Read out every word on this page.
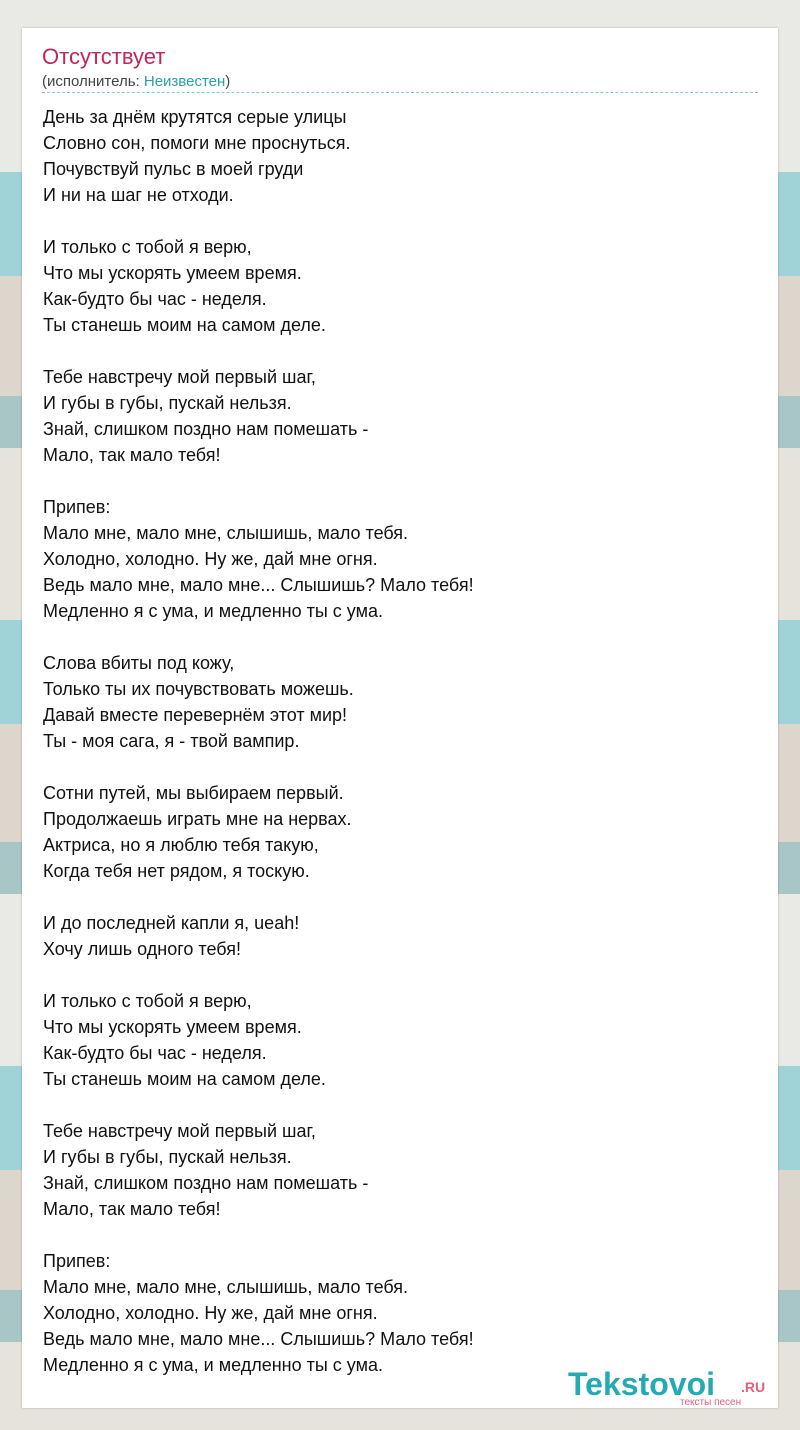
Отсутствует
(исполнитель: Неизвестен)
День за днём крутятся серые улицы
Словно сон, помоги мне проснуться.
Почувствуй пульс в моей груди
И ни на шаг не отходи.
И только с тобой я верю,
Что мы ускорять умеем время.
Как-будто бы час - неделя.
Ты станешь моим на самом деле.
Тебе навстречу мой первый шаг,
И губы в губы, пускай нельзя.
Знай, слишком поздно нам помешать -
Мало, так мало тебя!
Припев:
Мало мне, мало мне, слышишь, мало тебя.
Холодно, холодно. Ну же, дай мне огня.
Ведь мало мне, мало мне... Слышишь? Мало тебя!
Медленно я с ума, и медленно ты с ума.
Слова вбиты под кожу,
Только ты их почувствовать можешь.
Давай вместе перевернём этот мир!
Ты - моя сага, я - твой вампир.
Сотни путей, мы выбираем первый.
Продолжаешь играть мне на нервах.
Актриса, но я люблю тебя такую,
Когда тебя нет рядом, я тоскую.
И до последней капли я, ueah!
Хочу лишь одного тебя!
И только с тобой я верю,
Что мы ускорять умеем время.
Как-будто бы час - неделя.
Ты станешь моим на самом деле.
Тебе навстречу мой первый шаг,
И губы в губы, пускай нельзя.
Знай, слишком поздно нам помешать -
Мало, так мало тебя!
Припев:
Мало мне, мало мне, слышишь, мало тебя.
Холодно, холодно. Ну же, дай мне огня.
Ведь мало мне, мало мне... Слышишь? Мало тебя!
Медленно я с ума, и медленно ты с ума.
Tekstovoi .RU
тексты песен
